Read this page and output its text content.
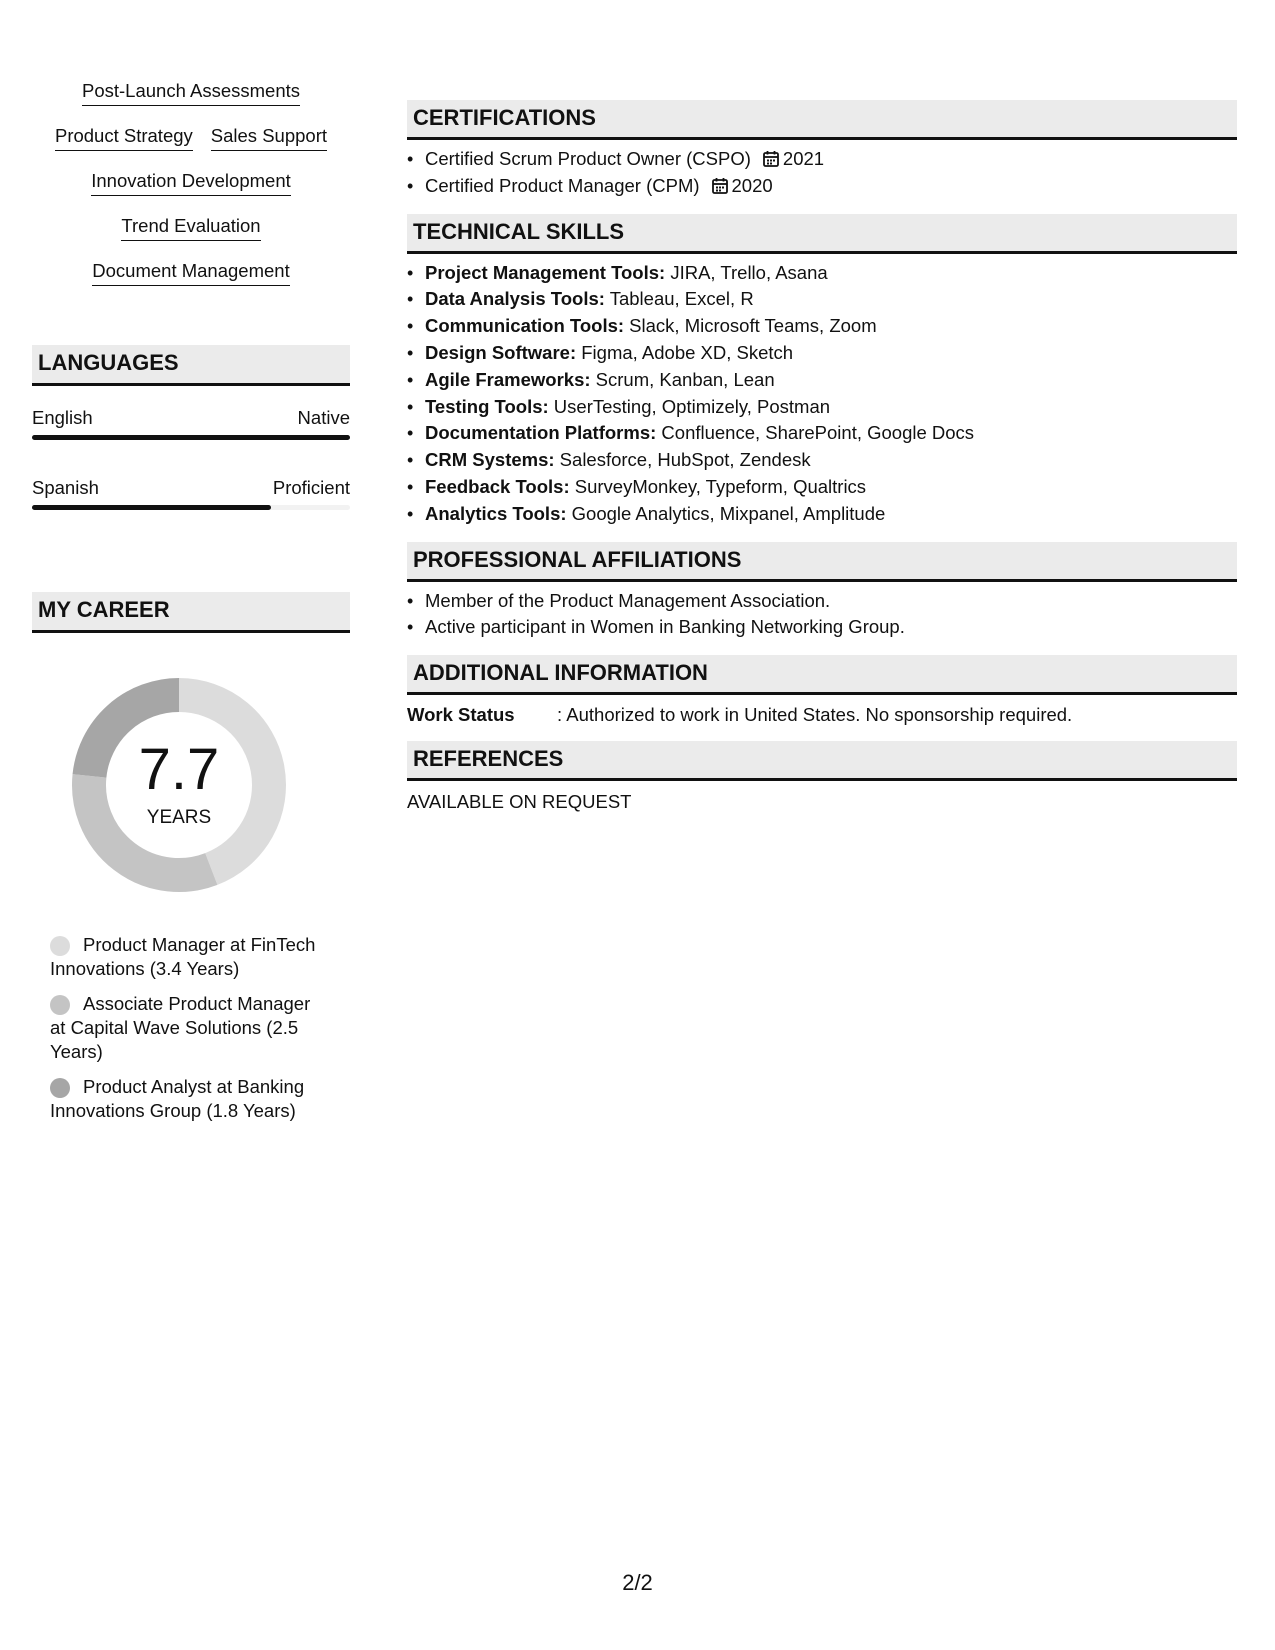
Post-Launch Assessments
Product Strategy Sales Support
Innovation Development
Trend Evaluation
Document Management
LANGUAGES
English	Native
Spanish	Proficient
MY CAREER
7.7
YEARS
Product Manager at FinTech Innovations (3.4 Years)
Associate Product Manager at Capital Wave Solutions (2.5 Years)
Product Analyst at Banking Innovations Group (1.8 Years)
CERTIFICATIONS
• Certified Scrum Product Owner (CSPO) 2021
• Certified Product Manager (CPM) 2020
TECHNICAL SKILLS
• Project Management Tools: JIRA, Trello, Asana
• Data Analysis Tools: Tableau, Excel, R
• Communication Tools: Slack, Microsoft Teams, Zoom
• Design Software: Figma, Adobe XD, Sketch
• Agile Frameworks: Scrum, Kanban, Lean
• Testing Tools: UserTesting, Optimizely, Postman
• Documentation Platforms: Confluence, SharePoint, Google Docs
• CRM Systems: Salesforce, HubSpot, Zendesk
• Feedback Tools: SurveyMonkey, Typeform, Qualtrics
• Analytics Tools: Google Analytics, Mixpanel, Amplitude
PROFESSIONAL AFFILIATIONS
• Member of the Product Management Association.
• Active participant in Women in Banking Networking Group.
ADDITIONAL INFORMATION
Work Status	: Authorized to work in United States. No sponsorship required.
REFERENCES
AVAILABLE ON REQUEST
2/2
